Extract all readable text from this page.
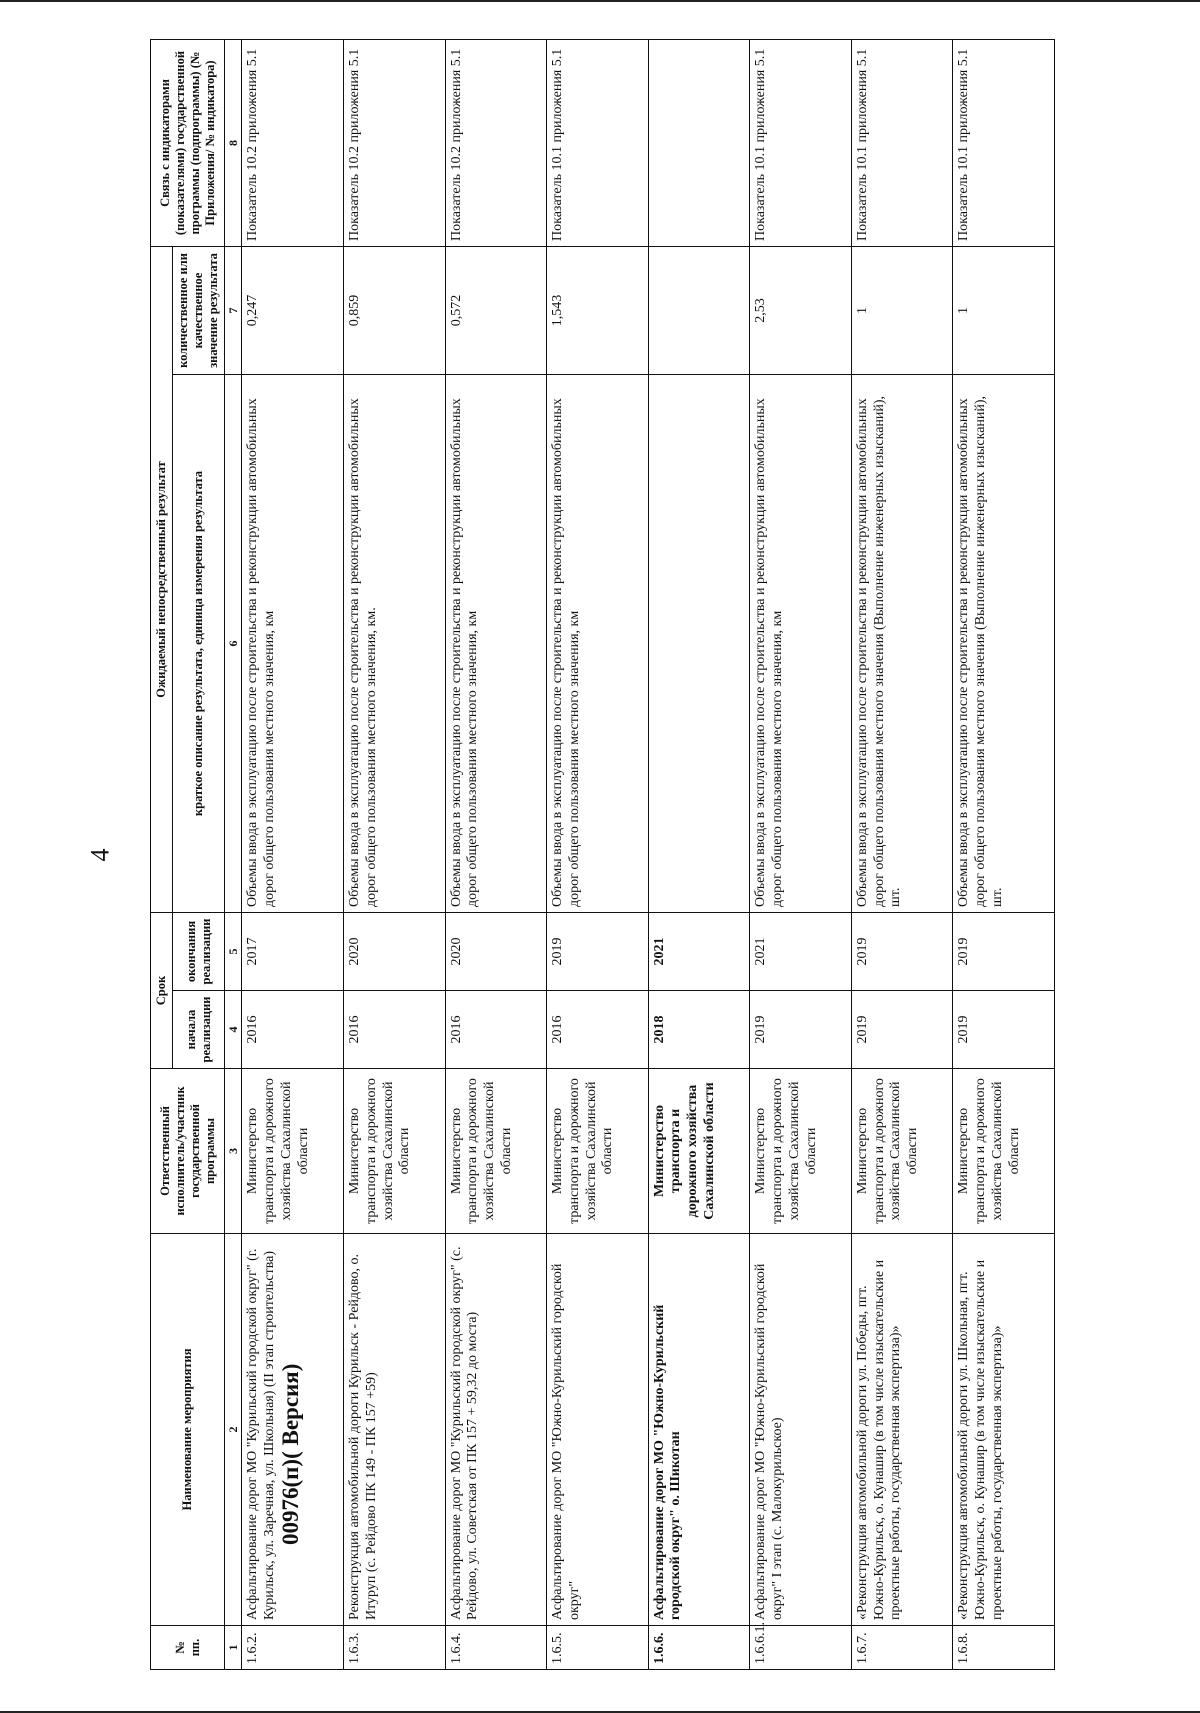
4
№ пп.	Наименование мероприятия	Ответственный исполнитель/участник государственной программы	Срок		Ожидаемый непосредственный результат		Связь с индикаторами (показателями) государственной программы (подпрограммы) (№ Приложения/ № индикатора)
			начала реализации	окончания реализации	краткое описание результата, единица измерения результата	количественное или качественное значение результата	
1	2	3	4	5	6	7	8
1.6.2.	Асфальтирование дорог МО "Курильский городской округ" (г. Курильск, ул. Заречная, ул. Школьная) (II этап строительства)	Министерство транспорта и дорожного хозяйства Сахалинской области	2016	2017	Объемы ввода в эксплуатацию после строительства и реконструкции автомобильных дорог общего пользования местного значения, км	0,247	Показатель 10.2 приложения 5.1
1.6.3.	Реконструкция автомобильной дороги Курильск - Рейдово, о. Итуруп (с. Рейдово ПК 149 - ПК 157 +59)	Министерство транспорта и дорожного хозяйства Сахалинской области	2016	2020	Объемы ввода в эксплуатацию после строительства и реконструкции автомобильных дорог общего пользования местного значения, км.	0,859	Показатель 10.2 приложения 5.1
1.6.4.	Асфальтирование дорог МО "Курильский городской округ" (с. Рейдово, ул. Советская от ПК 157 + 59,32 до моста)	Министерство транспорта и дорожного хозяйства Сахалинской области	2016	2020	Объемы ввода в эксплуатацию после строительства и реконструкции автомобильных дорог общего пользования местного значения, км	0,572	Показатель 10.2 приложения 5.1
1.6.5.	Асфальтирование дорог МО "Южно-Курильский городской округ"	Министерство транспорта и дорожного хозяйства Сахалинской области	2016	2019	Объемы ввода в эксплуатацию после строительства и реконструкции автомобильных дорог общего пользования местного значения, км	1,543	Показатель 10.1 приложения 5.1
1.6.6.	Асфальтирование дорог МО "Южно-Курильский городской округ" о. Шикотан	Министерство транспорта и дорожного хозяйства Сахалинской области	2018	2021			
1.6.6.1.	Асфальтирование дорог МО "Южно-Курильский городской округ" I этап (с. Малокурильское)	Министерство транспорта и дорожного хозяйства Сахалинской области	2019	2021	Объемы ввода в эксплуатацию после строительства и реконструкции автомобильных дорог общего пользования местного значения, км	2,53	Показатель 10.1 приложения 5.1
1.6.7.	«Реконструкция автомобильной дороги ул. Победы, пгт. Южно-Курильск, о. Кунашир (в том числе изыскательские и проектные работы, государственная экспертиза)»	Министерство транспорта и дорожного хозяйства Сахалинской области	2019	2019	Объемы ввода в эксплуатацию после строительства и реконструкции автомобильных дорог общего пользования местного значения (Выполнение инженерных изысканий), шт.	1	Показатель 10.1 приложения 5.1
1.6.8.	«Реконструкция автомобильной дороги ул. Школьная, пгт. Южно-Курильск, о. Кунашир (в том числе изыскательские и проектные работы, государственная экспертиза)»	Министерство транспорта и дорожного хозяйства Сахалинской области	2019	2019	Объемы ввода в эксплуатацию после строительства и реконструкции автомобильных дорог общего пользования местного значения (Выполнение инженерных изысканий), шт.	1	Показатель 10.1 приложения 5.1
00976(п)( Версия)
